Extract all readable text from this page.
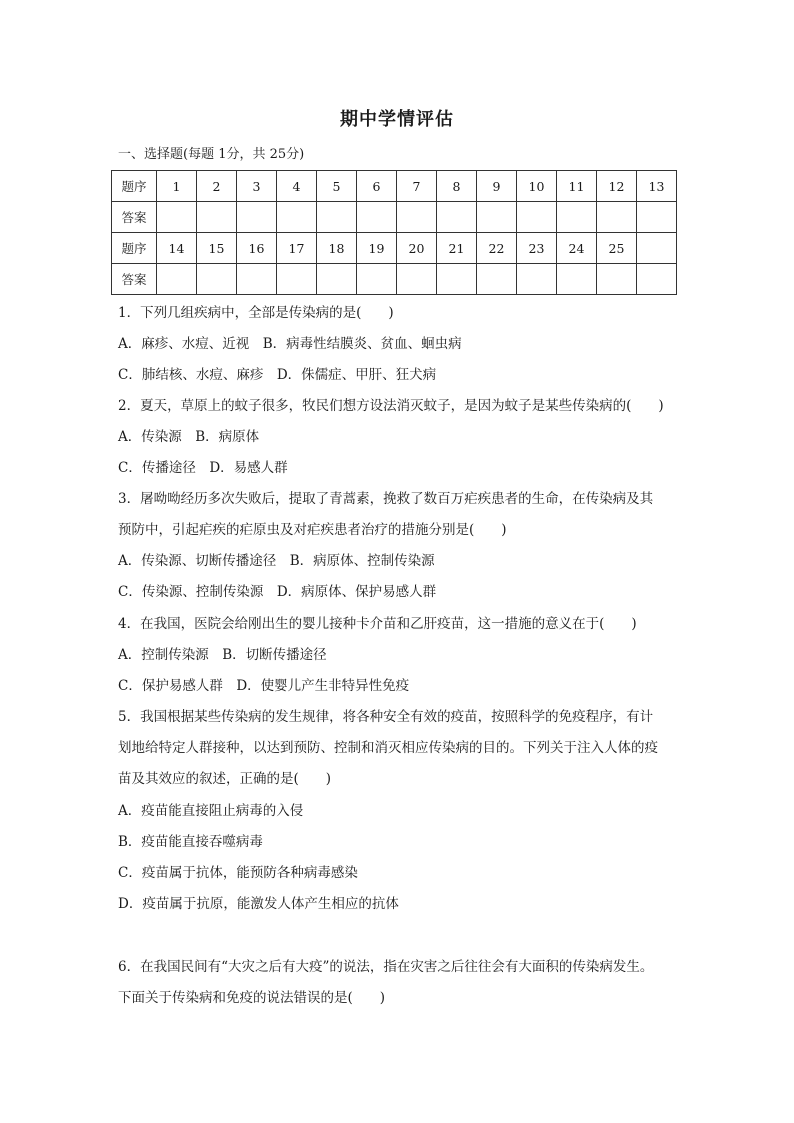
期中学情评估
一、选择题(每题 1分，共 25分)
题序	1	2	3	4	5	6	7	8	9	10	11	12	13
答案													
题序	14	15	16	17	18	19	20	21	22	23	24	25	
答案													
1．下列几组疾病中，全部是传染病的是(　　)
A．麻疹、水痘、近视　B．病毒性结膜炎、贫血、蛔虫病
C．肺结核、水痘、麻疹　D．侏儒症、甲肝、狂犬病
2．夏天，草原上的蚊子很多，牧民们想方设法消灭蚊子，是因为蚊子是某些传染病的(　　)
A．传染源　B．病原体
C．传播途径　D．易感人群
3．屠呦呦经历多次失败后，提取了青蒿素，挽救了数百万疟疾患者的生命，在传染病及其
预防中，引起疟疾的疟原虫及对疟疾患者治疗的措施分别是(　　)
A．传染源、切断传播途径　B．病原体、控制传染源
C．传染源、控制传染源　D．病原体、保护易感人群
4．在我国，医院会给刚出生的婴儿接种卡介苗和乙肝疫苗，这一措施的意义在于(　　)
A．控制传染源　B．切断传播途径
C．保护易感人群　D．使婴儿产生非特异性免疫
5．我国根据某些传染病的发生规律，将各种安全有效的疫苗，按照科学的免疫程序，有计
划地给特定人群接种，以达到预防、控制和消灭相应传染病的目的。下列关于注入人体的疫
苗及其效应的叙述，正确的是(　　)
A．疫苗能直接阻止病毒的入侵
B．疫苗能直接吞噬病毒
C．疫苗属于抗体，能预防各种病毒感染
D．疫苗属于抗原，能激发人体产生相应的抗体
6．在我国民间有“大灾之后有大疫”的说法，指在灾害之后往往会有大面积的传染病发生。
下面关于传染病和免疫的说法错误的是(　　)
